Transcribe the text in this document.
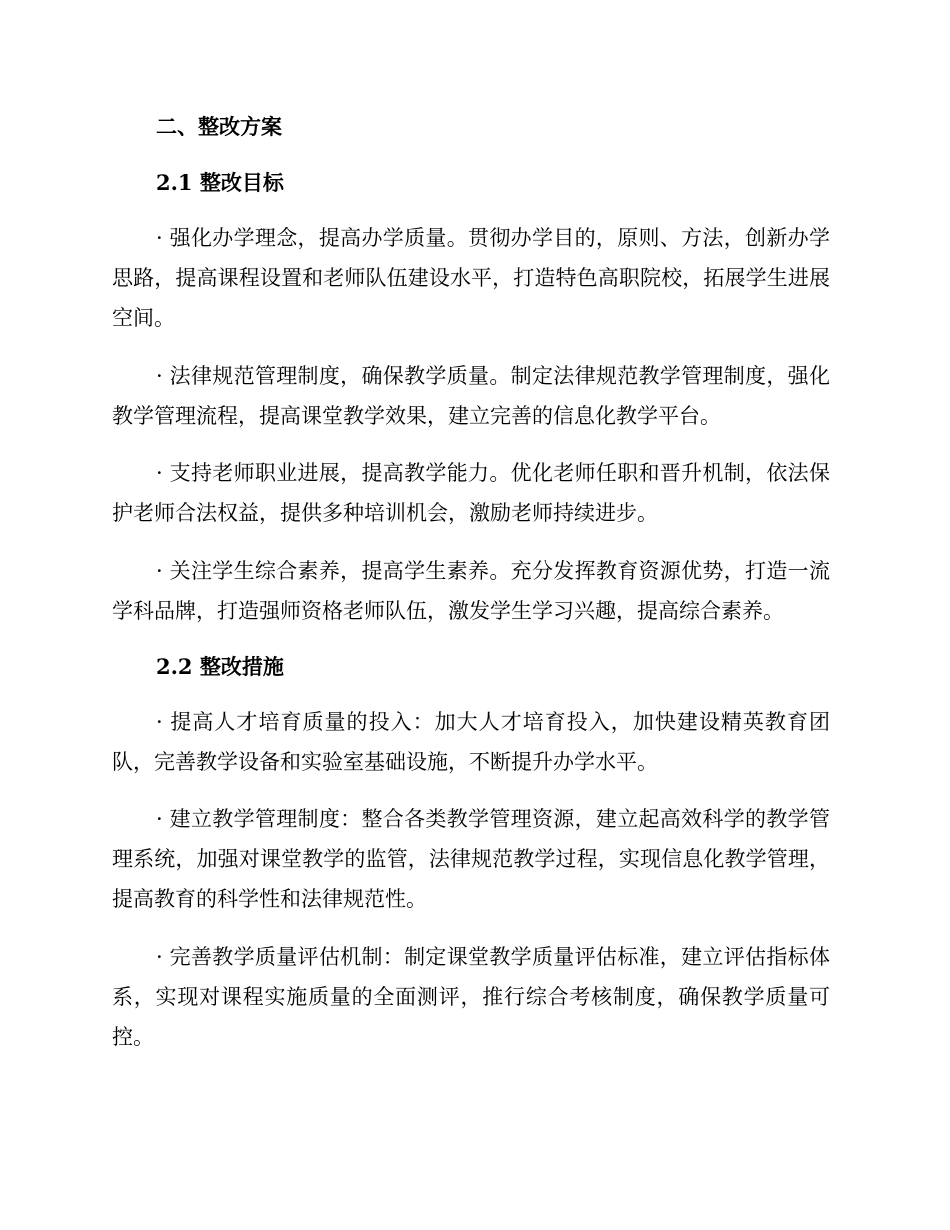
二、整改方案
2.1 整改目标
· 强化办学理念，提高办学质量。贯彻办学目的，原则、方法，创新办学思路，提高课程设置和老师队伍建设水平，打造特色高职院校，拓展学生进展空间。
· 法律规范管理制度，确保教学质量。制定法律规范教学管理制度，强化教学管理流程，提高课堂教学效果，建立完善的信息化教学平台。
· 支持老师职业进展，提高教学能力。优化老师任职和晋升机制，依法保护老师合法权益，提供多种培训机会，激励老师持续进步。
· 关注学生综合素养，提高学生素养。充分发挥教育资源优势，打造一流学科品牌，打造强师资格老师队伍，激发学生学习兴趣，提高综合素养。
2.2 整改措施
· 提高人才培育质量的投入：加大人才培育投入，加快建设精英教育团队，完善教学设备和实验室基础设施，不断提升办学水平。
· 建立教学管理制度：整合各类教学管理资源，建立起高效科学的教学管理系统，加强对课堂教学的监管，法律规范教学过程，实现信息化教学管理，提高教育的科学性和法律规范性。
· 完善教学质量评估机制：制定课堂教学质量评估标准，建立评估指标体系，实现对课程实施质量的全面测评，推行综合考核制度，确保教学质量可控。
